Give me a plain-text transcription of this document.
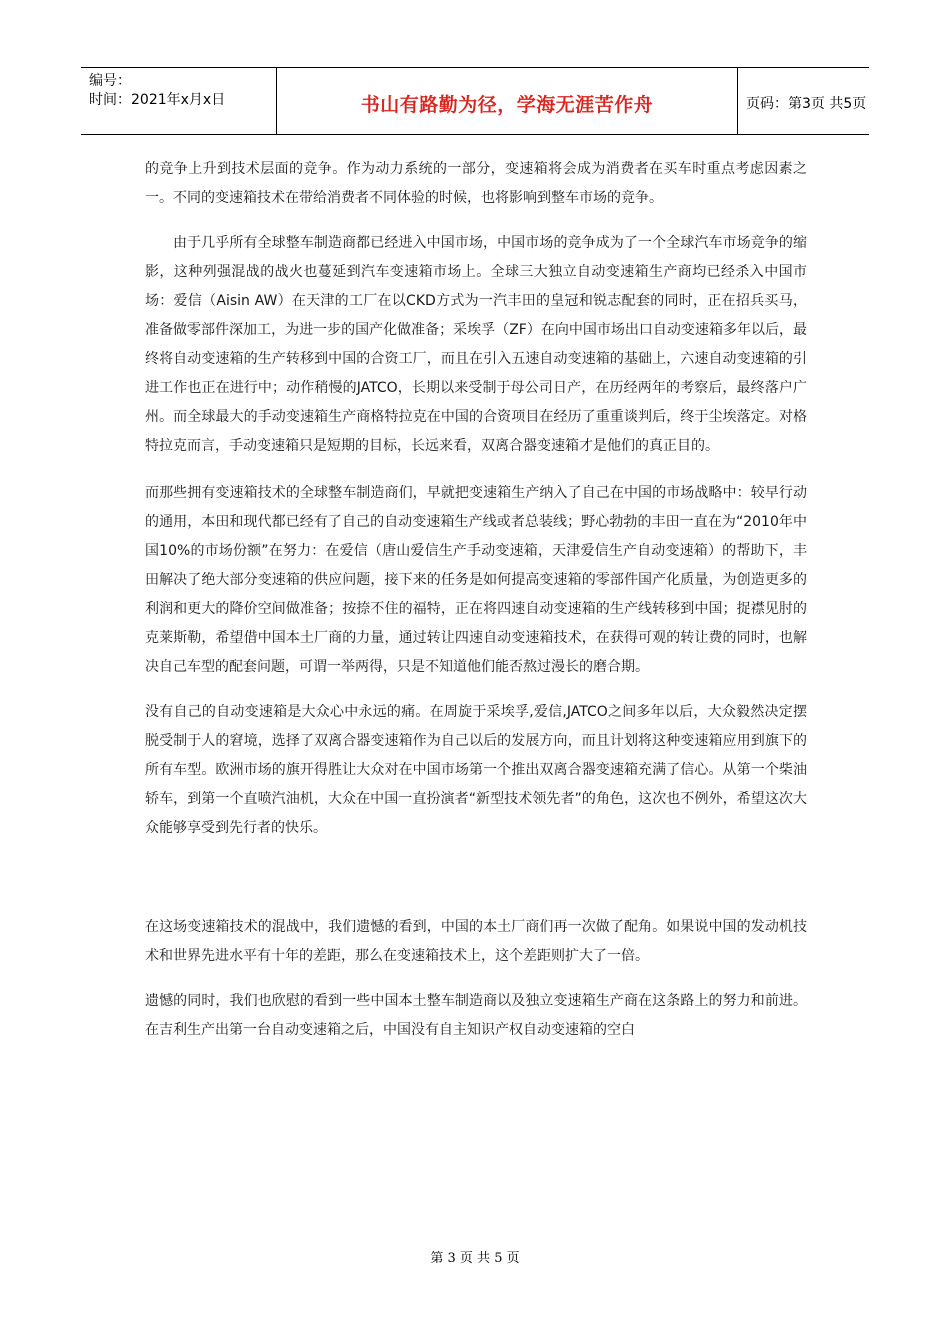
编号：
时间：2021年x月x日	书山有路勤为径，学海无涯苦作舟	页码：第3页 共5页

的竞争上升到技术层面的竞争。作为动力系统的一部分，变速箱将会成为消费者在买车时重点考虑因素之一。不同的变速箱技术在带给消费者不同体验的时候，也将影响到整车市场的竞争。

由于几乎所有全球整车制造商都已经进入中国市场，中国市场的竞争成为了一个全球汽车市场竞争的缩影，这种列强混战的战火也蔓延到汽车变速箱市场上。全球三大独立自动变速箱生产商均已经杀入中国市场：爱信（Aisin AW）在天津的工厂在以CKD方式为一汽丰田的皇冠和锐志配套的同时，正在招兵买马，准备做零部件深加工，为进一步的国产化做准备；采埃孚（ZF）在向中国市场出口自动变速箱多年以后，最终将自动变速箱的生产转移到中国的合资工厂，而且在引入五速自动变速箱的基础上，六速自动变速箱的引进工作也正在进行中；动作稍慢的JATCO，长期以来受制于母公司日产，在历经两年的考察后，最终落户广州。而全球最大的手动变速箱生产商格特拉克在中国的合资项目在经历了重重谈判后，终于尘埃落定。对格特拉克而言，手动变速箱只是短期的目标，长远来看，双离合器变速箱才是他们的真正目的。

而那些拥有变速箱技术的全球整车制造商们，早就把变速箱生产纳入了自己在中国的市场战略中：较早行动的通用，本田和现代都已经有了自己的自动变速箱生产线或者总装线；野心勃勃的丰田一直在为“2010年中国10%的市场份额”在努力：在爱信（唐山爱信生产手动变速箱，天津爱信生产自动变速箱）的帮助下，丰田解决了绝大部分变速箱的供应问题，接下来的任务是如何提高变速箱的零部件国产化质量，为创造更多的利润和更大的降价空间做准备；按捺不住的福特，正在将四速自动变速箱的生产线转移到中国；捉襟见肘的克莱斯勒，希望借中国本土厂商的力量，通过转让四速自动变速箱技术，在获得可观的转让费的同时，也解决自己车型的配套问题，可谓一举两得，只是不知道他们能否熬过漫长的磨合期。

没有自己的自动变速箱是大众心中永远的痛。在周旋于采埃孚,爱信,JATCO之间多年以后，大众毅然决定摆脱受制于人的窘境，选择了双离合器变速箱作为自己以后的发展方向，而且计划将这种变速箱应用到旗下的所有车型。欧洲市场的旗开得胜让大众对在中国市场第一个推出双离合器变速箱充满了信心。从第一个柴油轿车，到第一个直喷汽油机，大众在中国一直扮演者“新型技术领先者”的角色，这次也不例外，希望这次大众能够享受到先行者的快乐。

在这场变速箱技术的混战中，我们遗憾的看到，中国的本土厂商们再一次做了配角。如果说中国的发动机技术和世界先进水平有十年的差距，那么在变速箱技术上，这个差距则扩大了一倍。

遗憾的同时，我们也欣慰的看到一些中国本土整车制造商以及独立变速箱生产商在这条路上的努力和前进。在吉利生产出第一台自动变速箱之后，中国没有自主知识产权自动变速箱的空白

第 3 页 共 5 页
